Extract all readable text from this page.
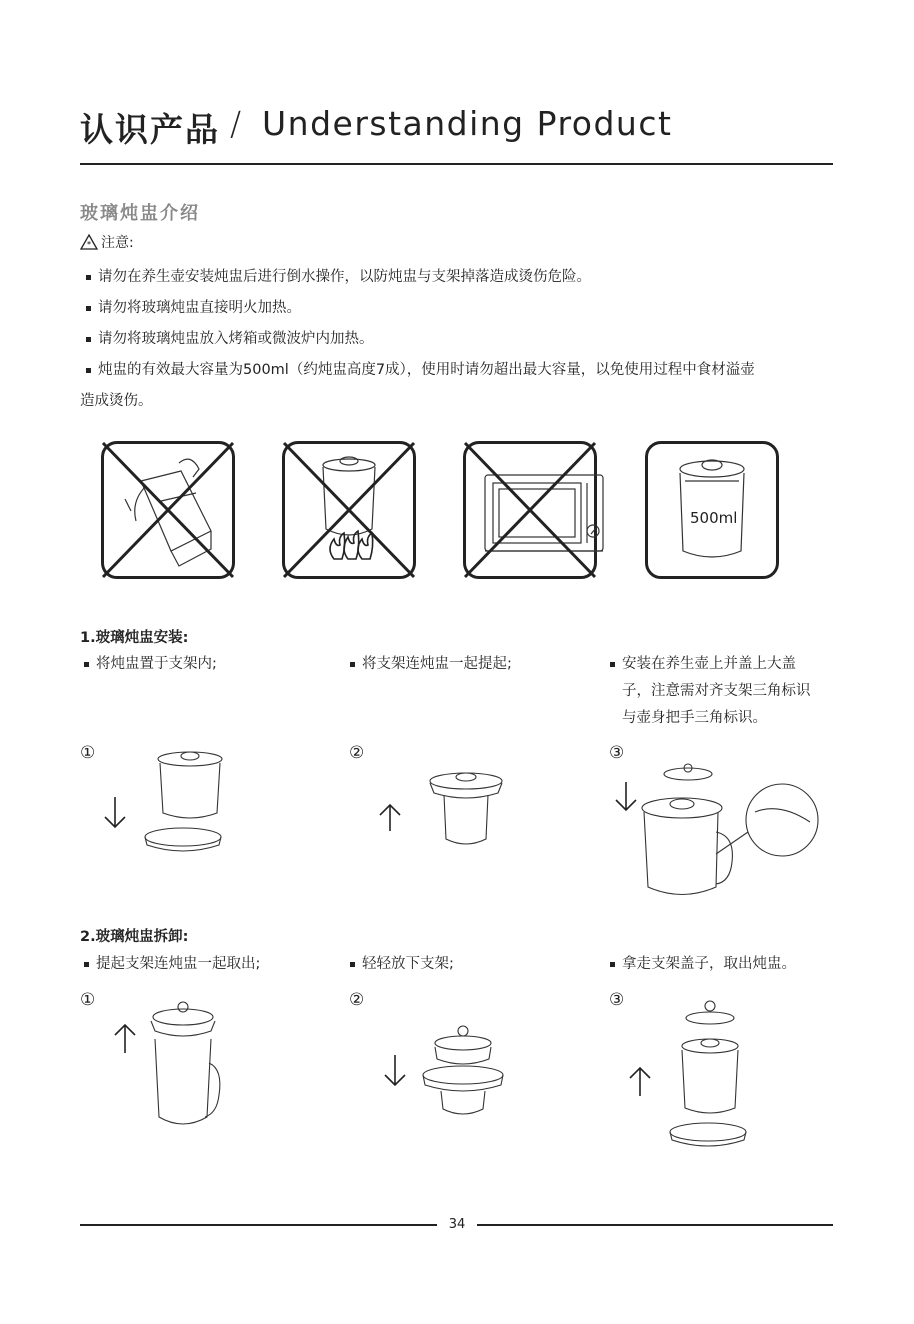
认识产品 / Understanding Product
玻璃炖盅介绍
* 注意:
请勿在养生壶安装炖盅后进行倒水操作，以防炖盅与支架掉落造成烫伤危险。
请勿将玻璃炖盅直接明火加热。
请勿将玻璃炖盅放入烤箱或微波炉内加热。
炖盅的有效最大容量为500ml（约炖盅高度7成），使用时请勿超出最大容量，以免使用过程中食材溢壶
造成烫伤。
500ml
1.玻璃炖盅安装:
将炖盅置于支架内;	将支架连炖盅一起提起;	安装在养生壶上并盖上大盖
子，注意需对齐支架三角标识
与壶身把手三角标识。
①	②	③
2.玻璃炖盅拆卸:
提起支架连炖盅一起取出;	轻轻放下支架;	拿走支架盖子，取出炖盅。
①	②	③
34
